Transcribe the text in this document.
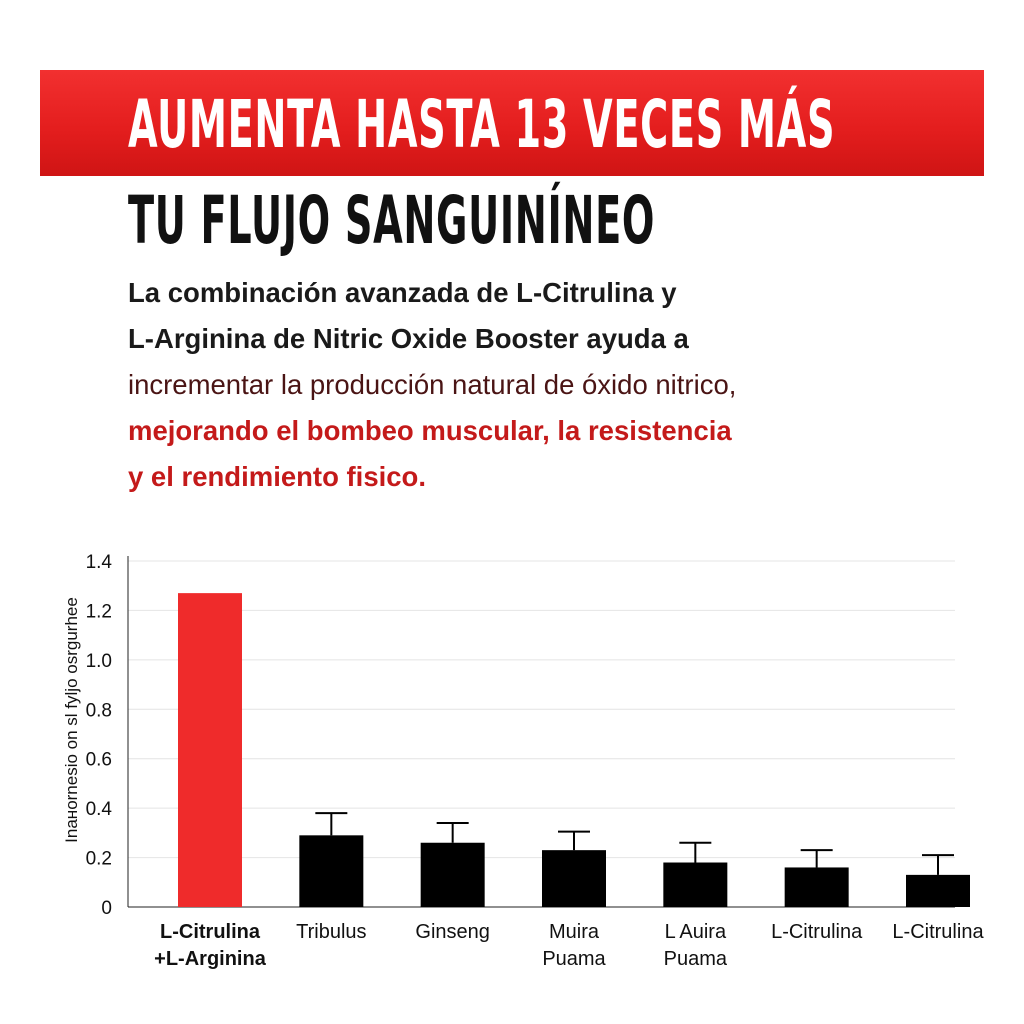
AUMENTA HASTA 13 VECES MÁS
TU FLUJO SANGUINÍNEO
La combinación avanzada de L-Citrulina y
L-Arginina de Nitric Oxide Booster ayuda a
incrementar la producción natural de óxido nitrico,
mejorando el bombeo muscular, la resistencia
y el rendimiento fisico.
Inанornesio on sl fyljo osrgurhee
0
0.2
0.4
0.6
0.8
1.0
1.2
1.4
L-Citrulina
+L-Arginina
Tribulus Ginseng	Muira
Puama
L Auira
Puama
L-Citrulina L-Citrulina
